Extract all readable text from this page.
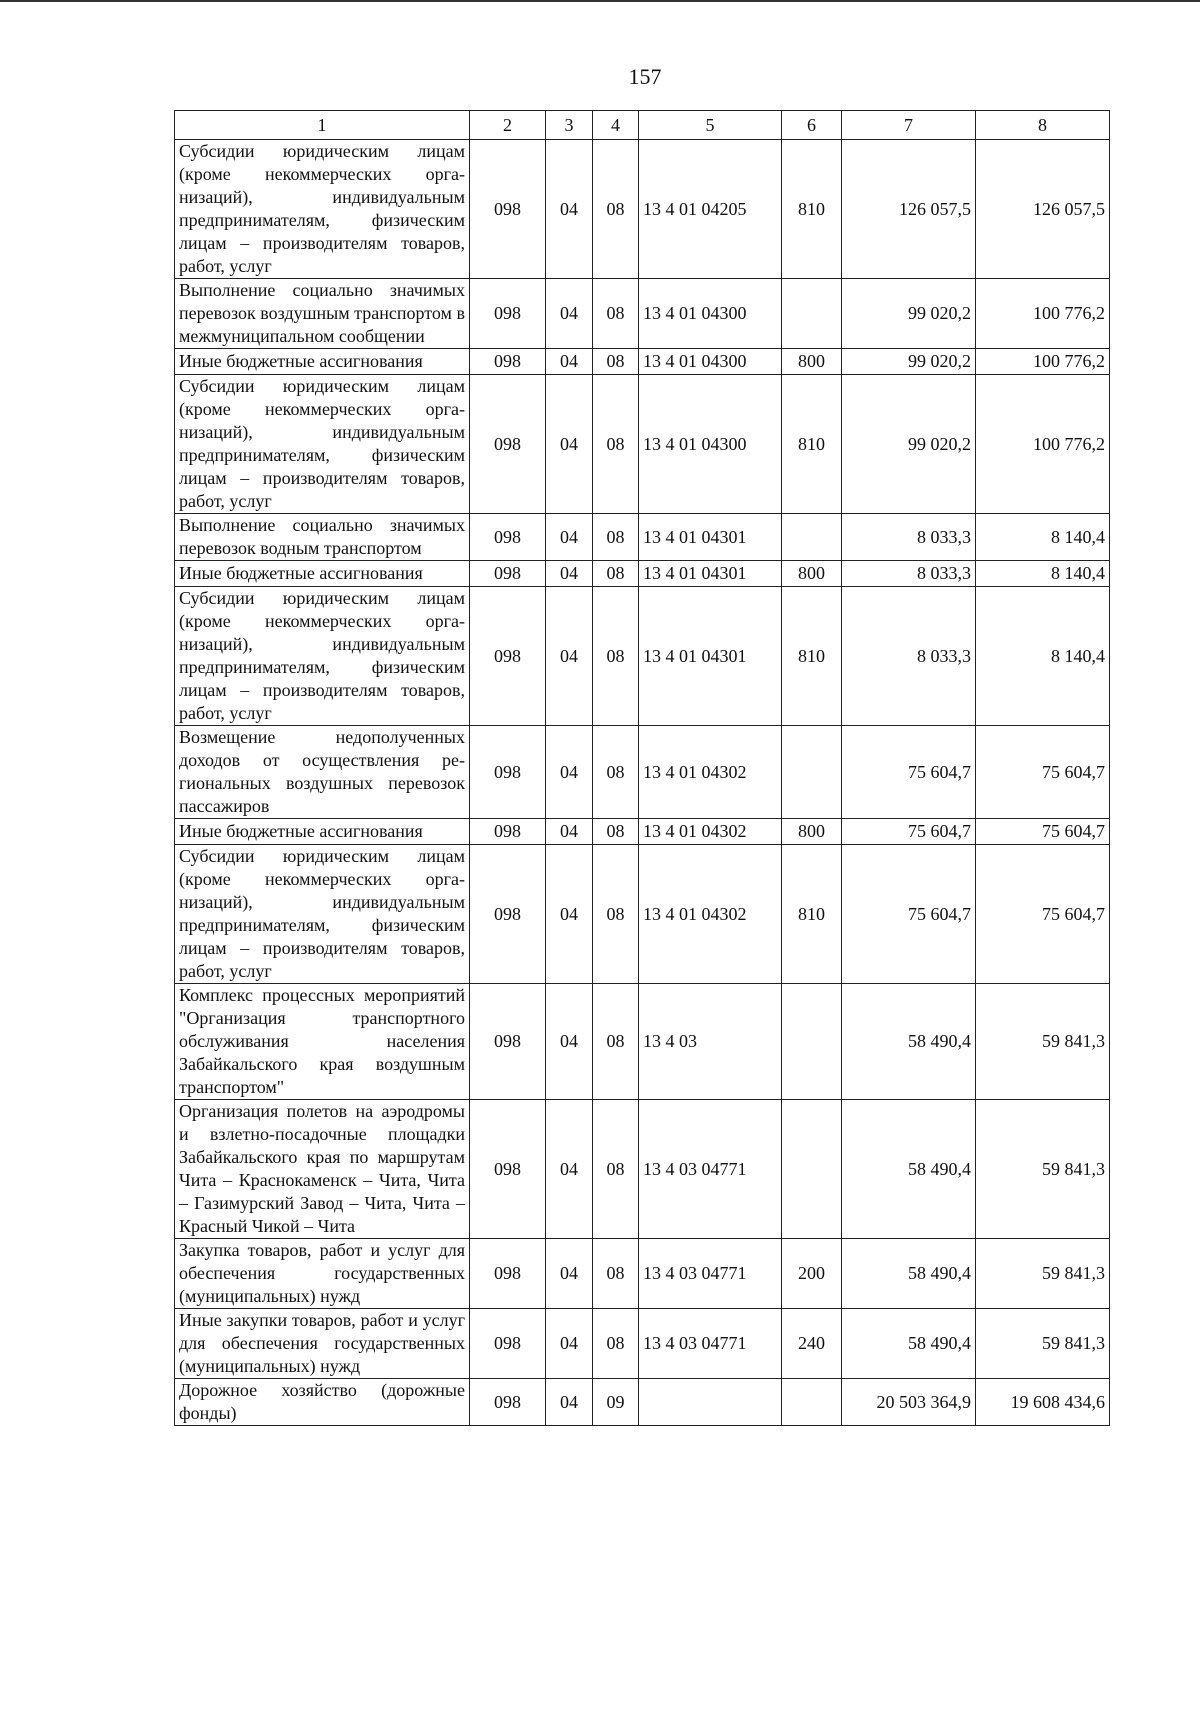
157
1	2	3	4	5	6	7	8
Субсидии юридическим лицам (кроме некоммерческих организаций), индивидуальным предпринимателям, физическим лицам – производителям товаров, работ, услуг	098	04	08	13 4 01 04205	810	126 057,5	126 057,5
Выполнение социально значимых перевозок воздушным транспортом в межмуниципальном сообщении	098	04	08	13 4 01 04300		99 020,2	100 776,2
Иные бюджетные ассигнования	098	04	08	13 4 01 04300	800	99 020,2	100 776,2
Субсидии юридическим лицам (кроме некоммерческих организаций), индивидуальным предпринимателям, физическим лицам – производителям товаров, работ, услуг	098	04	08	13 4 01 04300	810	99 020,2	100 776,2
Выполнение социально значимых перевозок водным транспортом	098	04	08	13 4 01 04301		8 033,3	8 140,4
Иные бюджетные ассигнования	098	04	08	13 4 01 04301	800	8 033,3	8 140,4
Субсидии юридическим лицам (кроме некоммерческих организаций), индивидуальным предпринимателям, физическим лицам – производителям товаров, работ, услуг	098	04	08	13 4 01 04301	810	8 033,3	8 140,4
Возмещение недополученных доходов от осуществления региональных воздушных перевозок пассажиров	098	04	08	13 4 01 04302		75 604,7	75 604,7
Иные бюджетные ассигнования	098	04	08	13 4 01 04302	800	75 604,7	75 604,7
Субсидии юридическим лицам (кроме некоммерческих организаций), индивидуальным предпринимателям, физическим лицам – производителям товаров, работ, услуг	098	04	08	13 4 01 04302	810	75 604,7	75 604,7
Комплекс процессных мероприятий "Организация транспортного обслуживания населения Забайкальского края воздушным транспортом"	098	04	08	13 4 03		58 490,4	59 841,3
Организация полетов на аэродромы и взлетно-посадочные площадки Забайкальского края по маршрутам Чита – Краснокаменск – Чита, Чита – Газимурский Завод – Чита, Чита – Красный Чикой – Чита	098	04	08	13 4 03 04771		58 490,4	59 841,3
Закупка товаров, работ и услуг для обеспечения государственных (муниципальных) нужд	098	04	08	13 4 03 04771	200	58 490,4	59 841,3
Иные закупки товаров, работ и услуг для обеспечения государственных (муниципальных) нужд	098	04	08	13 4 03 04771	240	58 490,4	59 841,3
Дорожное хозяйство (дорожные фонды)	098	04	09			20 503 364,9	19 608 434,6
